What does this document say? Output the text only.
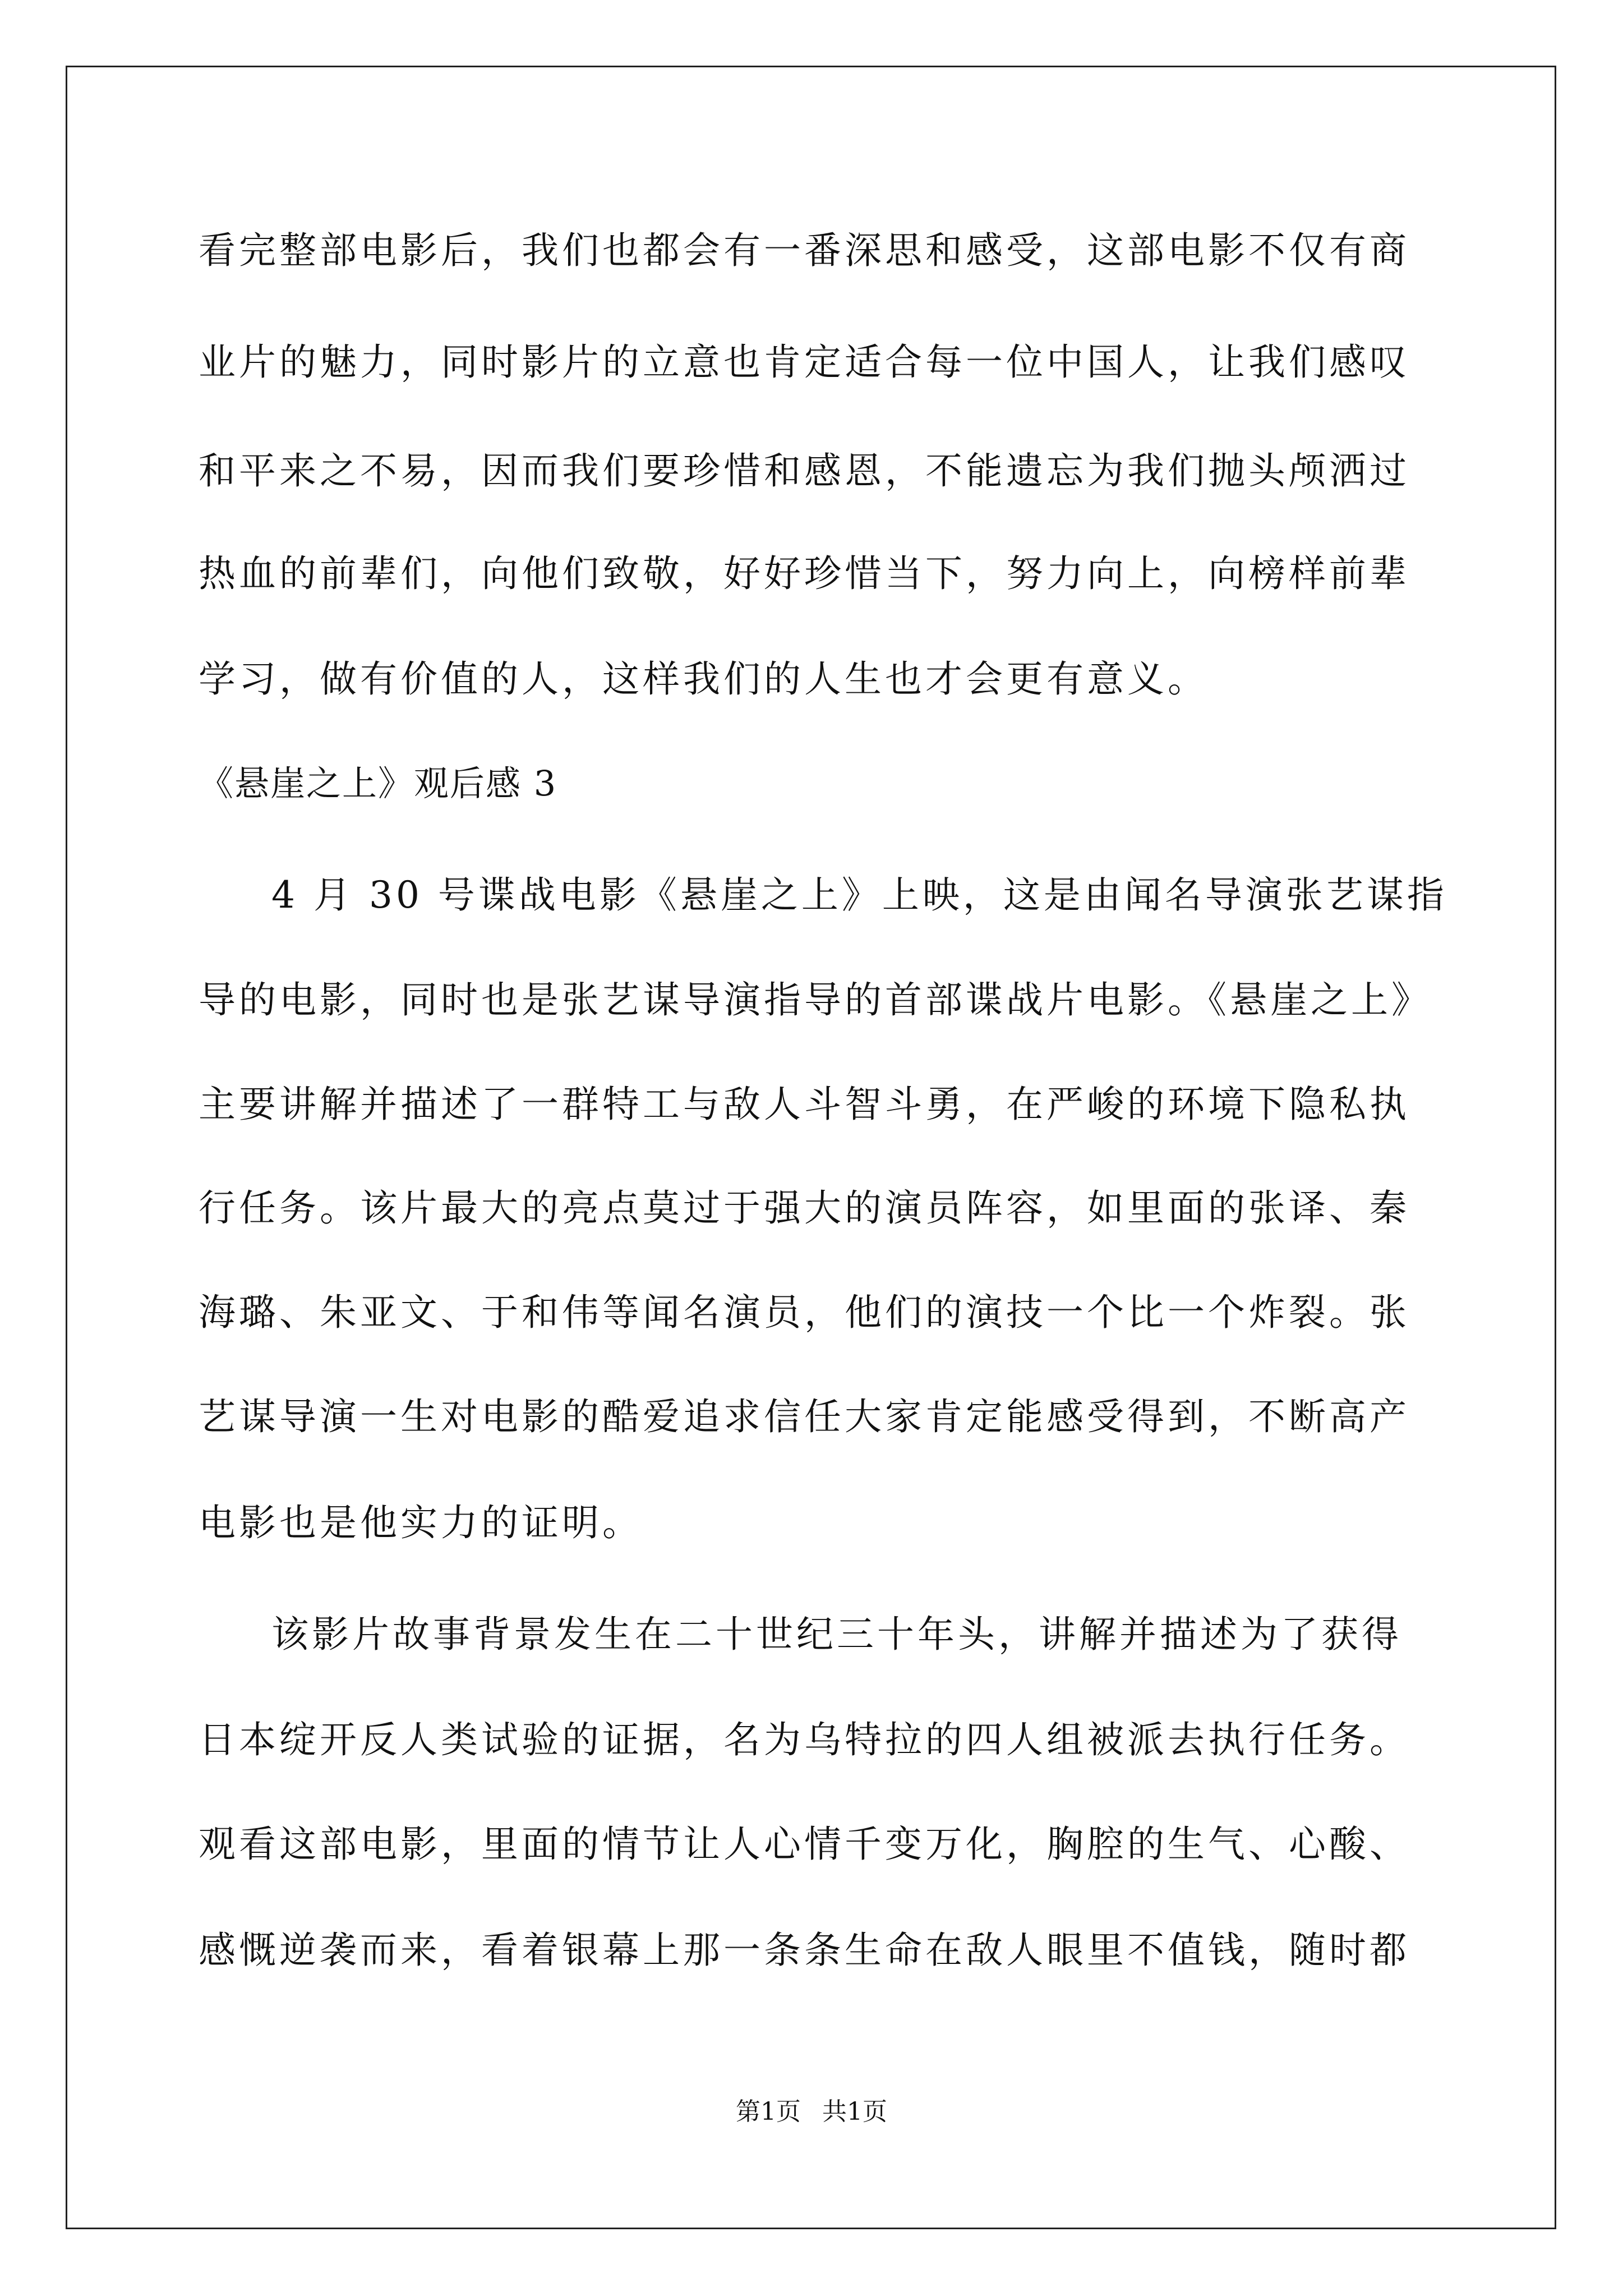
看完整部电影后，我们也都会有一番深思和感受，这部电影不仅有商
业片的魅力，同时影片的立意也肯定适合每一位中国人，让我们感叹
和平来之不易，因而我们要珍惜和感恩，不能遗忘为我们抛头颅洒过
热血的前辈们，向他们致敬，好好珍惜当下，努力向上，向榜样前辈
学习，做有价值的人，这样我们的人生也才会更有意义。
《悬崖之上》观后感 3
4 月 30 号谍战电影《悬崖之上》上映，这是由闻名导演张艺谋指
导的电影，同时也是张艺谋导演指导的首部谍战片电影。《悬崖之上》
主要讲解并描述了一群特工与敌人斗智斗勇，在严峻的环境下隐私执
行任务。该片最大的亮点莫过于强大的演员阵容，如里面的张译、秦
海璐、朱亚文、于和伟等闻名演员，他们的演技一个比一个炸裂。张
艺谋导演一生对电影的酷爱追求信任大家肯定能感受得到，不断高产
电影也是他实力的证明。
该影片故事背景发生在二十世纪三十年头，讲解并描述为了获得
日本绽开反人类试验的证据，名为乌特拉的四人组被派去执行任务。
观看这部电影，里面的情节让人心情千变万化，胸腔的生气、心酸、
感慨逆袭而来，看着银幕上那一条条生命在敌人眼里不值钱，随时都
第1页 共1页
